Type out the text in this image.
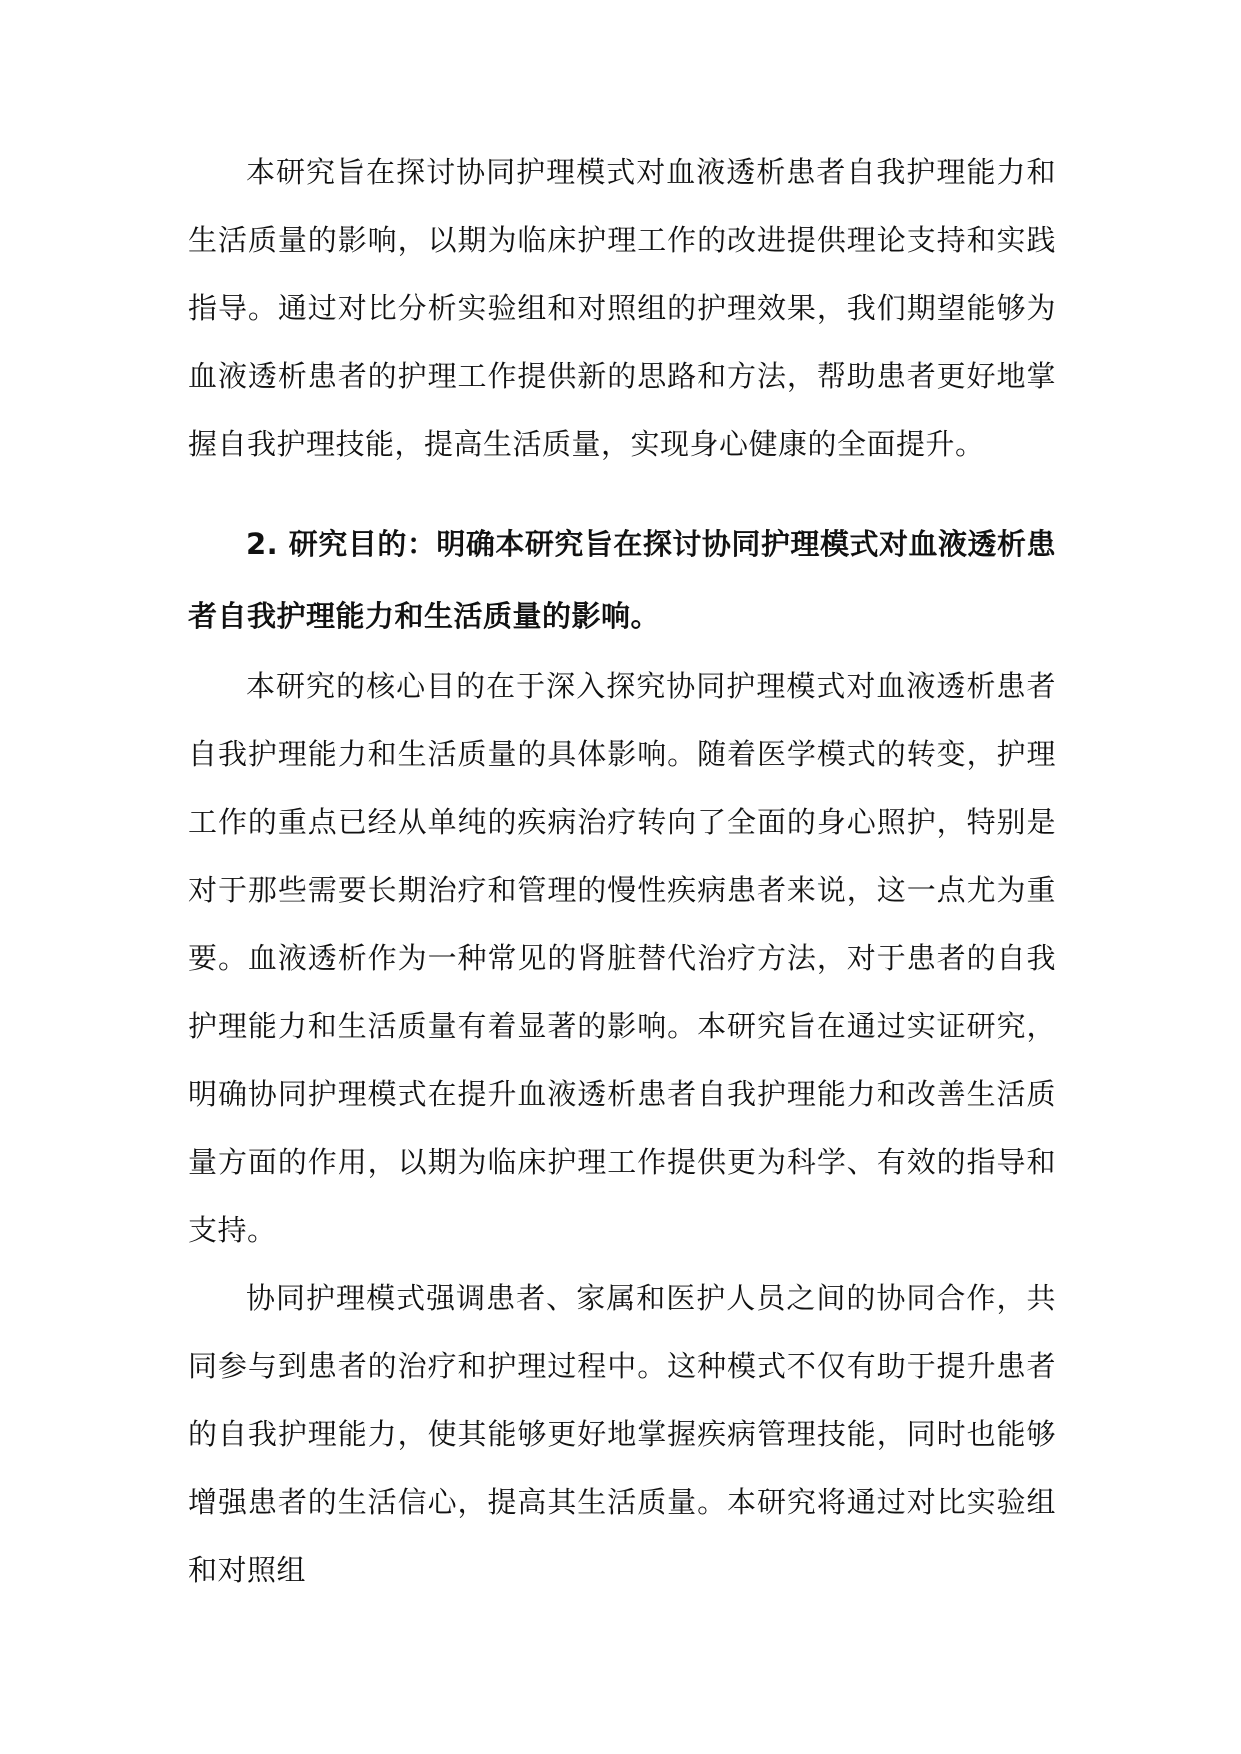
本研究旨在探讨协同护理模式对血液透析患者自我护理能力和生活质量的影响，以期为临床护理工作的改进提供理论支持和实践指导。通过对比分析实验组和对照组的护理效果，我们期望能够为血液透析患者的护理工作提供新的思路和方法，帮助患者更好地掌握自我护理技能，提高生活质量，实现身心健康的全面提升。

2. 研究目的：明确本研究旨在探讨协同护理模式对血液透析患者自我护理能力和生活质量的影响。

本研究的核心目的在于深入探究协同护理模式对血液透析患者自我护理能力和生活质量的具体影响。随着医学模式的转变，护理工作的重点已经从单纯的疾病治疗转向了全面的身心照护，特别是对于那些需要长期治疗和管理的慢性疾病患者来说，这一点尤为重要。血液透析作为一种常见的肾脏替代治疗方法，对于患者的自我护理能力和生活质量有着显著的影响。本研究旨在通过实证研究，明确协同护理模式在提升血液透析患者自我护理能力和改善生活质量方面的作用，以期为临床护理工作提供更为科学、有效的指导和支持。

协同护理模式强调患者、家属和医护人员之间的协同合作，共同参与到患者的治疗和护理过程中。这种模式不仅有助于提升患者的自我护理能力，使其能够更好地掌握疾病管理技能，同时也能够增强患者的生活信心，提高其生活质量。本研究将通过对比实验组和对照组
